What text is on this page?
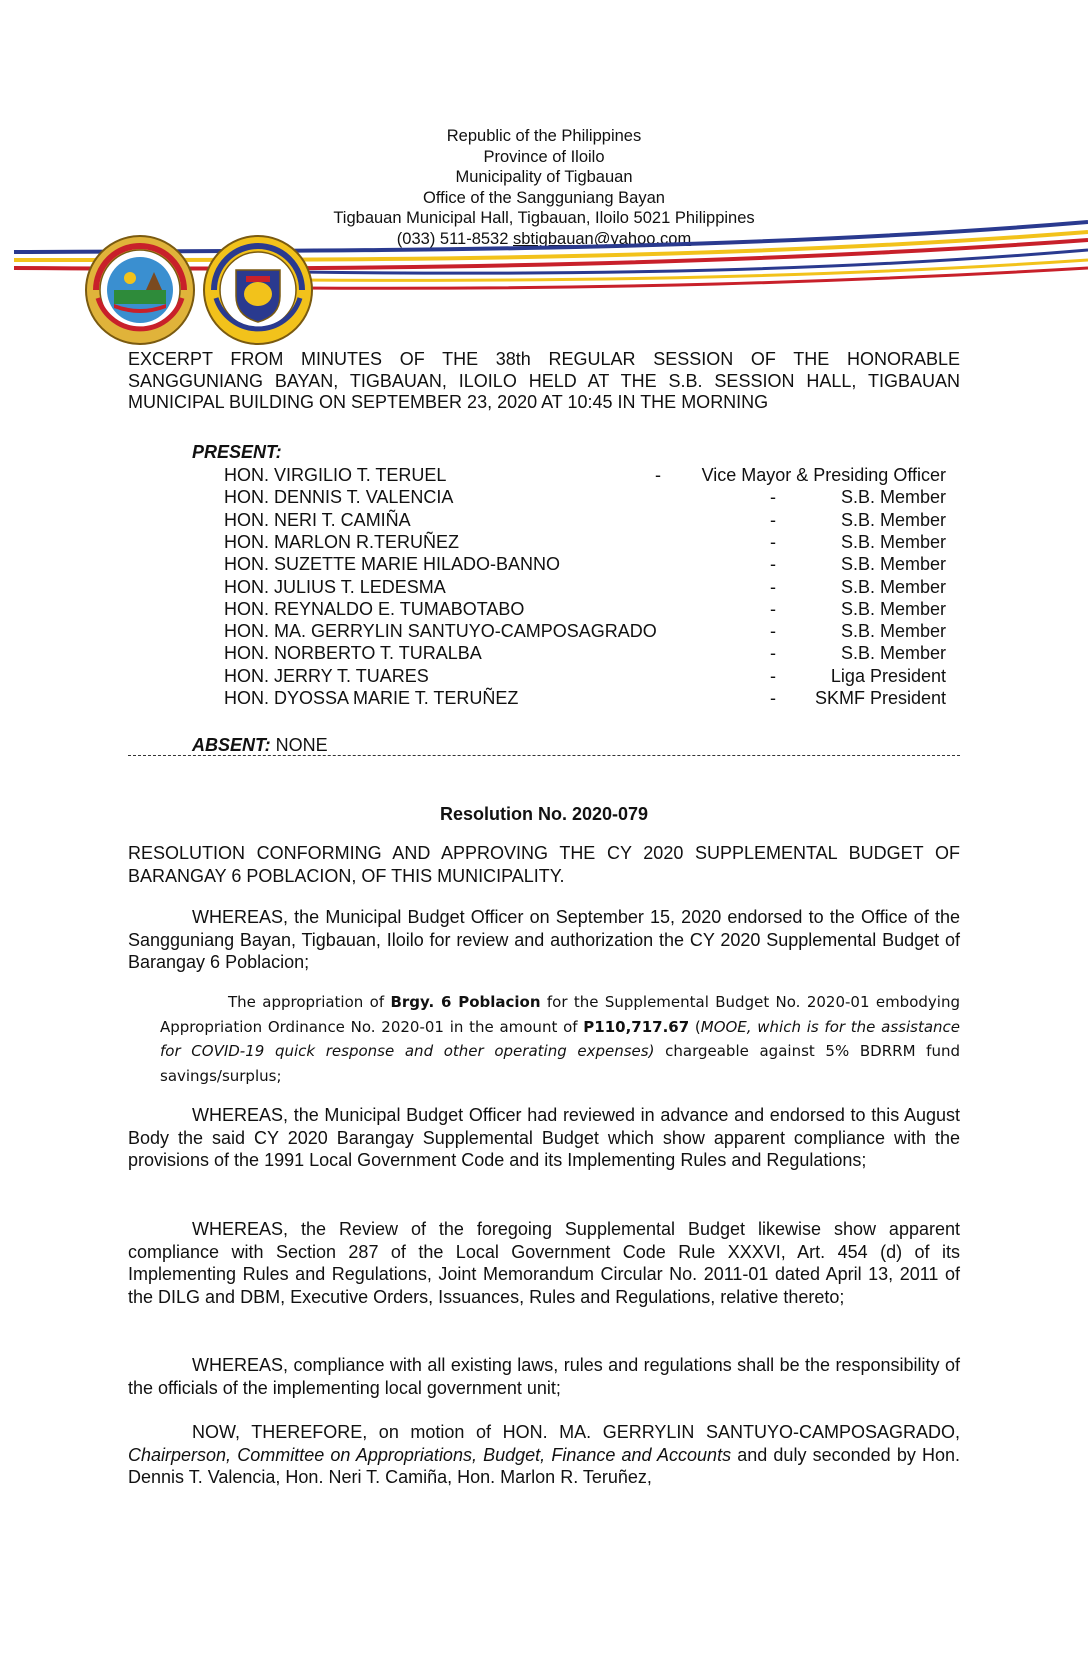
Republic of the Philippines
Province of Iloilo
Municipality of Tigbauan
Office of the Sangguniang Bayan
Tigbauan Municipal Hall, Tigbauan, Iloilo 5021 Philippines
(033) 511-8532 sbtigbauan@yahoo.com

EXCERPT FROM MINUTES OF THE 38th REGULAR SESSION OF THE HONORABLE SANGGUNIANG BAYAN, TIGBAUAN, ILOILO HELD AT THE S.B. SESSION HALL, TIGBAUAN MUNICIPAL BUILDING ON SEPTEMBER 23, 2020 AT 10:45 IN THE MORNING

PRESENT:
HON. VIRGILIO T. TERUEL	- Vice Mayor & Presiding Officer
HON. DENNIS T. VALENCIA	-	S.B. Member
HON. NERI T. CAMIÑA	-	S.B. Member
HON. MARLON R.TERUÑEZ	-	S.B. Member
HON. SUZETTE MARIE HILADO-BANNO	-	S.B. Member
HON. JULIUS T. LEDESMA	-	S.B. Member
HON. REYNALDO E. TUMABOTABO	-	S.B. Member
HON. MA. GERRYLIN SANTUYO-CAMPOSAGRADO	-	S.B. Member
HON. NORBERTO T. TURALBA	-	S.B. Member
HON. JERRY T. TUARES	-	Liga President
HON. DYOSSA MARIE T. TERUÑEZ	- SKMF President
ABSENT: NONE
Resolution No. 2020-079
RESOLUTION CONFORMING AND APPROVING THE CY 2020 SUPPLEMENTAL BUDGET OF BARANGAY 6 POBLACION, OF THIS MUNICIPALITY.
WHEREAS, the Municipal Budget Officer on September 15, 2020 endorsed to the Office of the Sangguniang Bayan, Tigbauan, Iloilo for review and authorization the CY 2020 Supplemental Budget of Barangay 6 Poblacion;
The appropriation of Brgy. 6 Poblacion for the Supplemental Budget No. 2020-01 embodying Appropriation Ordinance No. 2020-01 in the amount of P110,717.67 (MOOE, which is for the assistance for COVID-19 quick response and other operating expenses) chargeable against 5% BDRRM fund savings/surplus;
WHEREAS, the Municipal Budget Officer had reviewed in advance and endorsed to this August Body the said CY 2020 Barangay Supplemental Budget which show apparent compliance with the provisions of the 1991 Local Government Code and its Implementing Rules and Regulations;
WHEREAS, the Review of the foregoing Supplemental Budget likewise show apparent compliance with Section 287 of the Local Government Code Rule XXXVI, Art. 454 (d) of its Implementing Rules and Regulations, Joint Memorandum Circular No. 2011-01 dated April 13, 2011 of the DILG and DBM, Executive Orders, Issuances, Rules and Regulations, relative thereto;
WHEREAS, compliance with all existing laws, rules and regulations shall be the responsibility of the officials of the implementing local government unit;
NOW, THEREFORE, on motion of HON. MA. GERRYLIN SANTUYO-CAMPOSAGRADO, Chairperson, Committee on Appropriations, Budget, Finance and Accounts and duly seconded by Hon. Dennis T. Valencia, Hon. Neri T. Camiña, Hon. Marlon R. Teruñez,
